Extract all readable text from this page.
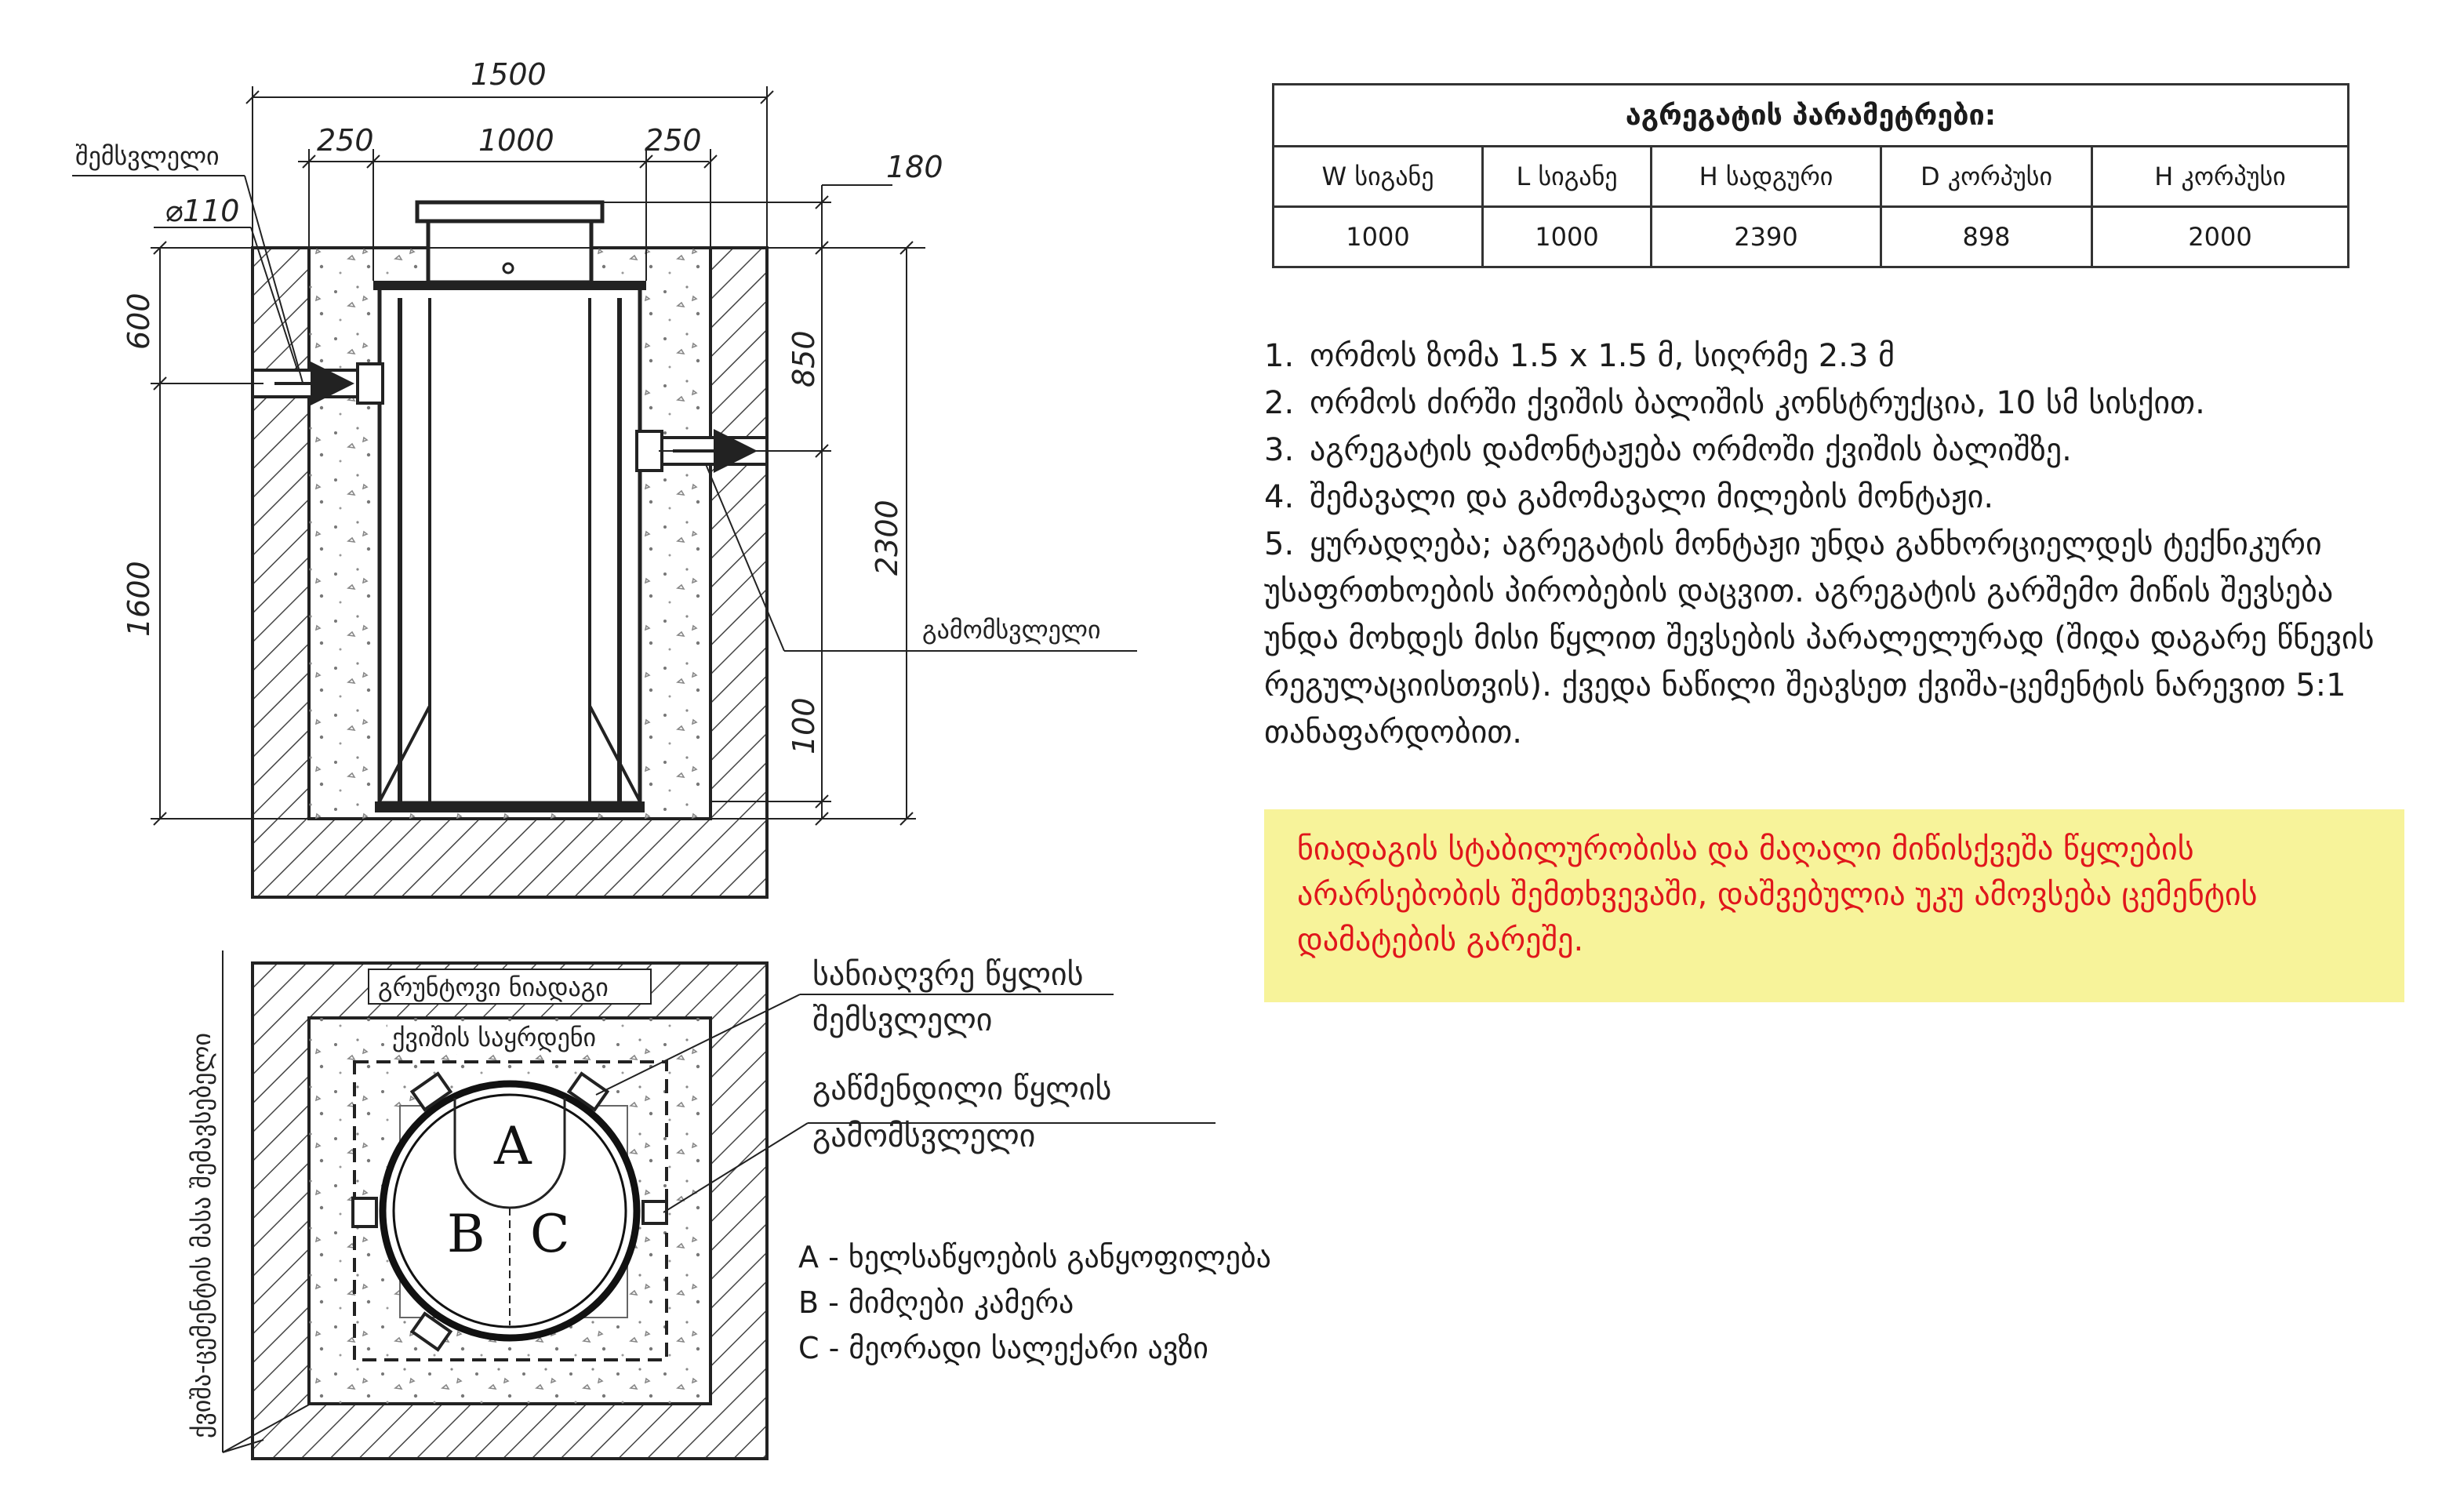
1500
250	1000	250
180
⌀110
600
1600
850
2300
100
შემსვლელი
გამომსვლელი
გრუნტოვი ნიადაგი
ქვიშის საყრდენი
A
B C
სანიაღვრე წყლის
შემსვლელი
გაწმენდილი წყლის
გამომსვლელი
ქვიშა-ცემენტის მასა შემავსებელი	A - ხელსაწყოების განყოფილება
B - მიმღები კამერა
C - მეორადი სალექარი ავზი
აგრეგატის პარამეტრები:				
W სიგანე	L სიგანე	H სადგური	D კორპუსი	H კორპუსი
1000	1000	2390	898	2000
1. ორმოს ზომა 1.5 x 1.5 მ, სიღრმე 2.3 მ
2. ორმოს ძირში ქვიშის ბალიშის კონსტრუქცია, 10 სმ სისქით.
3. აგრეგატის დამონტაჟება ორმოში ქვიშის ბალიშზე.
4. შემავალი და გამომავალი მილების მონტაჟი.
5. ყურადღება; აგრეგატის მონტაჟი უნდა განხორციელდეს ტექნიკური უსაფრთხოების პირობების დაცვით. აგრეგატის გარშემო მიწის შევსება უნდა მოხდეს მისი წყლით შევსების პარალელურად (შიდა დაგარე წნევის რეგულაციისთვის). ქვედა ნაწილი შეავსეთ ქვიშა-ცემენტის ნარევით 5:1 თანაფარდობით.

ნიადაგის სტაბილურობისა და მაღალი მიწისქვეშა წყლების არარსებობის შემთხვევაში, დაშვებულია უკუ ამოვსება ცემენტის დამატების გარეშე.
